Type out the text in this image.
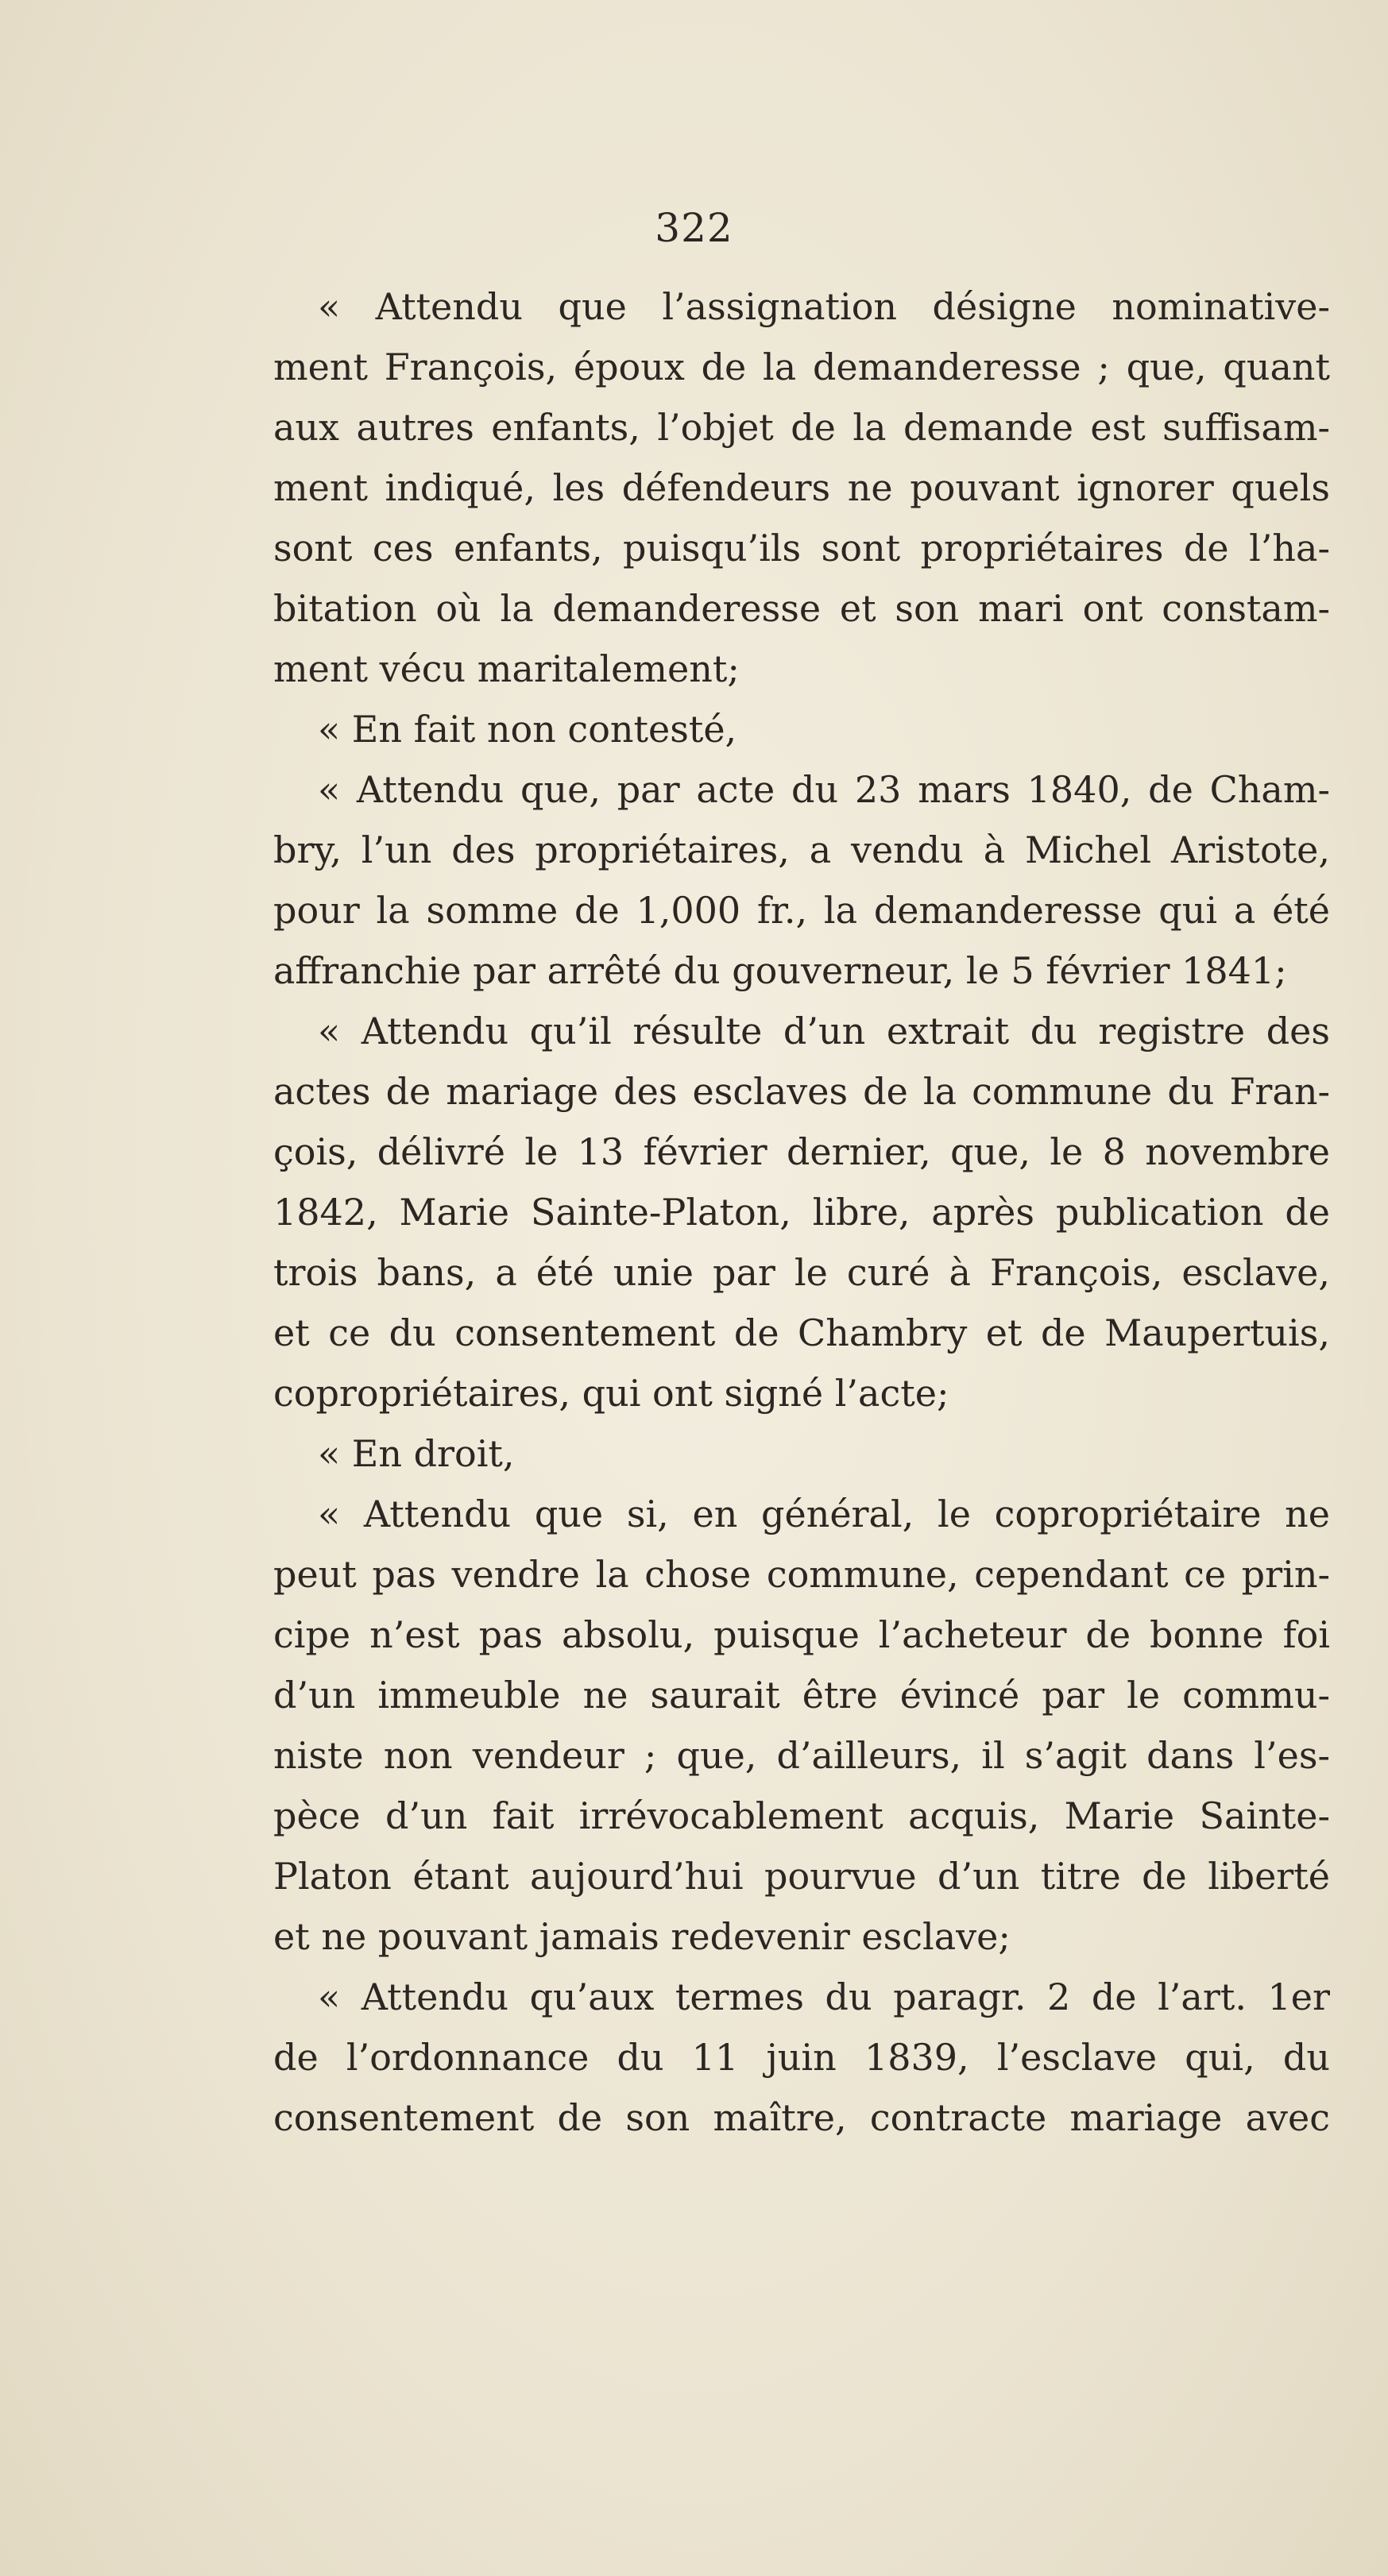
322
« Attendu que l’assignation désigne nominative-
ment François, époux de la demanderesse ; que, quant
aux autres enfants, l’objet de la demande est suffisam-
ment indiqué, les défendeurs ne pouvant ignorer quels
sont ces enfants, puisqu’ils sont propriétaires de l’ha-
bitation où la demanderesse et son mari ont constam-
ment vécu maritalement;
« En fait non contesté,
« Attendu que, par acte du 23 mars 1840, de Cham-
bry, l’un des propriétaires, a vendu à Michel Aristote,
pour la somme de 1,000 fr., la demanderesse qui a été
affranchie par arrêté du gouverneur, le 5 février 1841;
« Attendu qu’il résulte d’un extrait du registre des
actes de mariage des esclaves de la commune du Fran-
çois, délivré le 13 février dernier, que, le 8 novembre
1842, Marie Sainte-Platon, libre, après publication de
trois bans, a été unie par le curé à François, esclave,
et ce du consentement de Chambry et de Maupertuis,
copropriétaires, qui ont signé l’acte;
« En droit,
« Attendu que si, en général, le copropriétaire ne
peut pas vendre la chose commune, cependant ce prin-
cipe n’est pas absolu, puisque l’acheteur de bonne foi
d’un immeuble ne saurait être évincé par le commu-
niste non vendeur ; que, d’ailleurs, il s’agit dans l’es-
pèce d’un fait irrévocablement acquis, Marie Sainte-
Platon étant aujourd’hui pourvue d’un titre de liberté
et ne pouvant jamais redevenir esclave;
« Attendu qu’aux termes du paragr. 2 de l’art. 1er
de l’ordonnance du 11 juin 1839, l’esclave qui, du
consentement de son maître, contracte mariage avec
